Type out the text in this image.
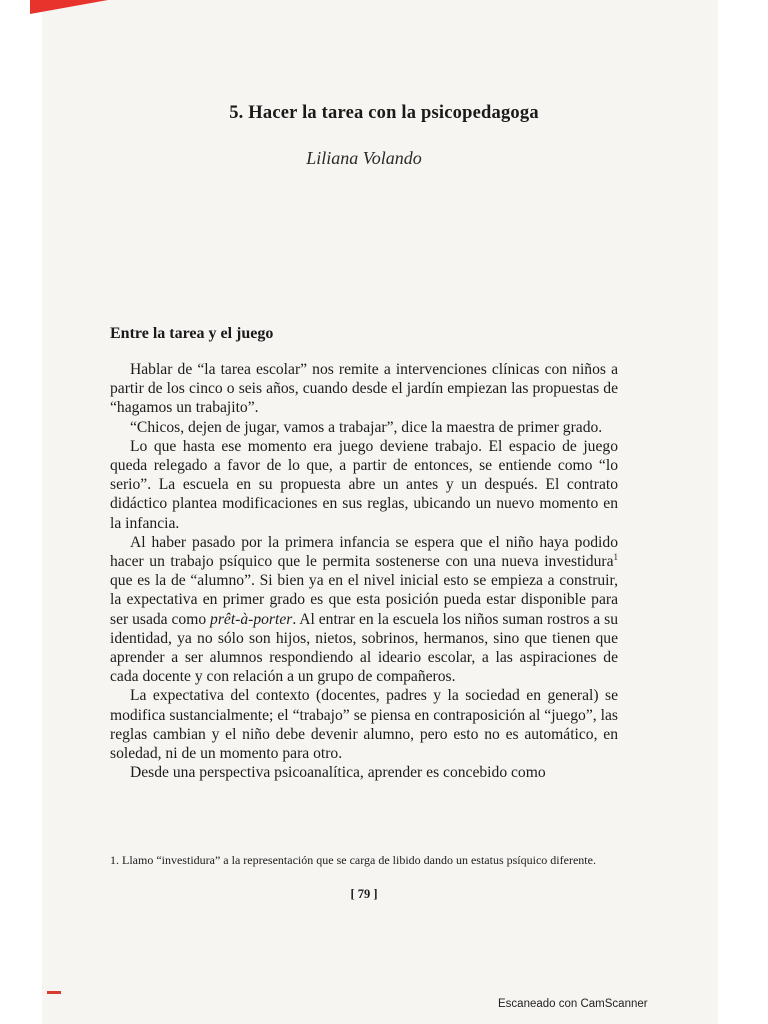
5. Hacer la tarea con la psicopedagoga
Liliana Volando
Entre la tarea y el juego

Hablar de “la tarea escolar” nos remite a intervenciones clínicas con niños a partir de los cinco o seis años, cuando desde el jardín empiezan las propuestas de “hagamos un trabajito”.

“Chicos, dejen de jugar, vamos a trabajar”, dice la maestra de primer grado.

Lo que hasta ese momento era juego deviene trabajo. El espacio de juego queda relegado a favor de lo que, a partir de entonces, se entiende como “lo serio”. La escuela en su propuesta abre un antes y un después. El contrato didáctico plantea modificaciones en sus reglas, ubicando un nuevo momento en la infancia.

Al haber pasado por la primera infancia se espera que el niño haya podido hacer un trabajo psíquico que le permita sostenerse con una nueva investidura$^1$ que es la de “alumno”. Si bien ya en el nivel inicial esto se empieza a construir, la expectativa en primer grado es que esta posición pueda estar disponible para ser usada como prêt-à-porter. Al entrar en la escuela los niños suman rostros a su identidad, ya no sólo son hijos, nietos, sobrinos, hermanos, sino que tienen que aprender a ser alumnos respondiendo al ideario escolar, a las aspiraciones de cada docente y con relación a un grupo de compañeros.

La expectativa del contexto (docentes, padres y la sociedad en general) se modifica sustancialmente; el “trabajo” se piensa en contraposición al “juego”, las reglas cambian y el niño debe devenir alumno, pero esto no es automático, en soledad, ni de un momento para otro.

Desde una perspectiva psicoanalítica, aprender es concebido como

1. Llamo “investidura” a la representación que se carga de libido dando un estatus psíquico diferente.
[ 79 ]
Escaneado con CamScanner
